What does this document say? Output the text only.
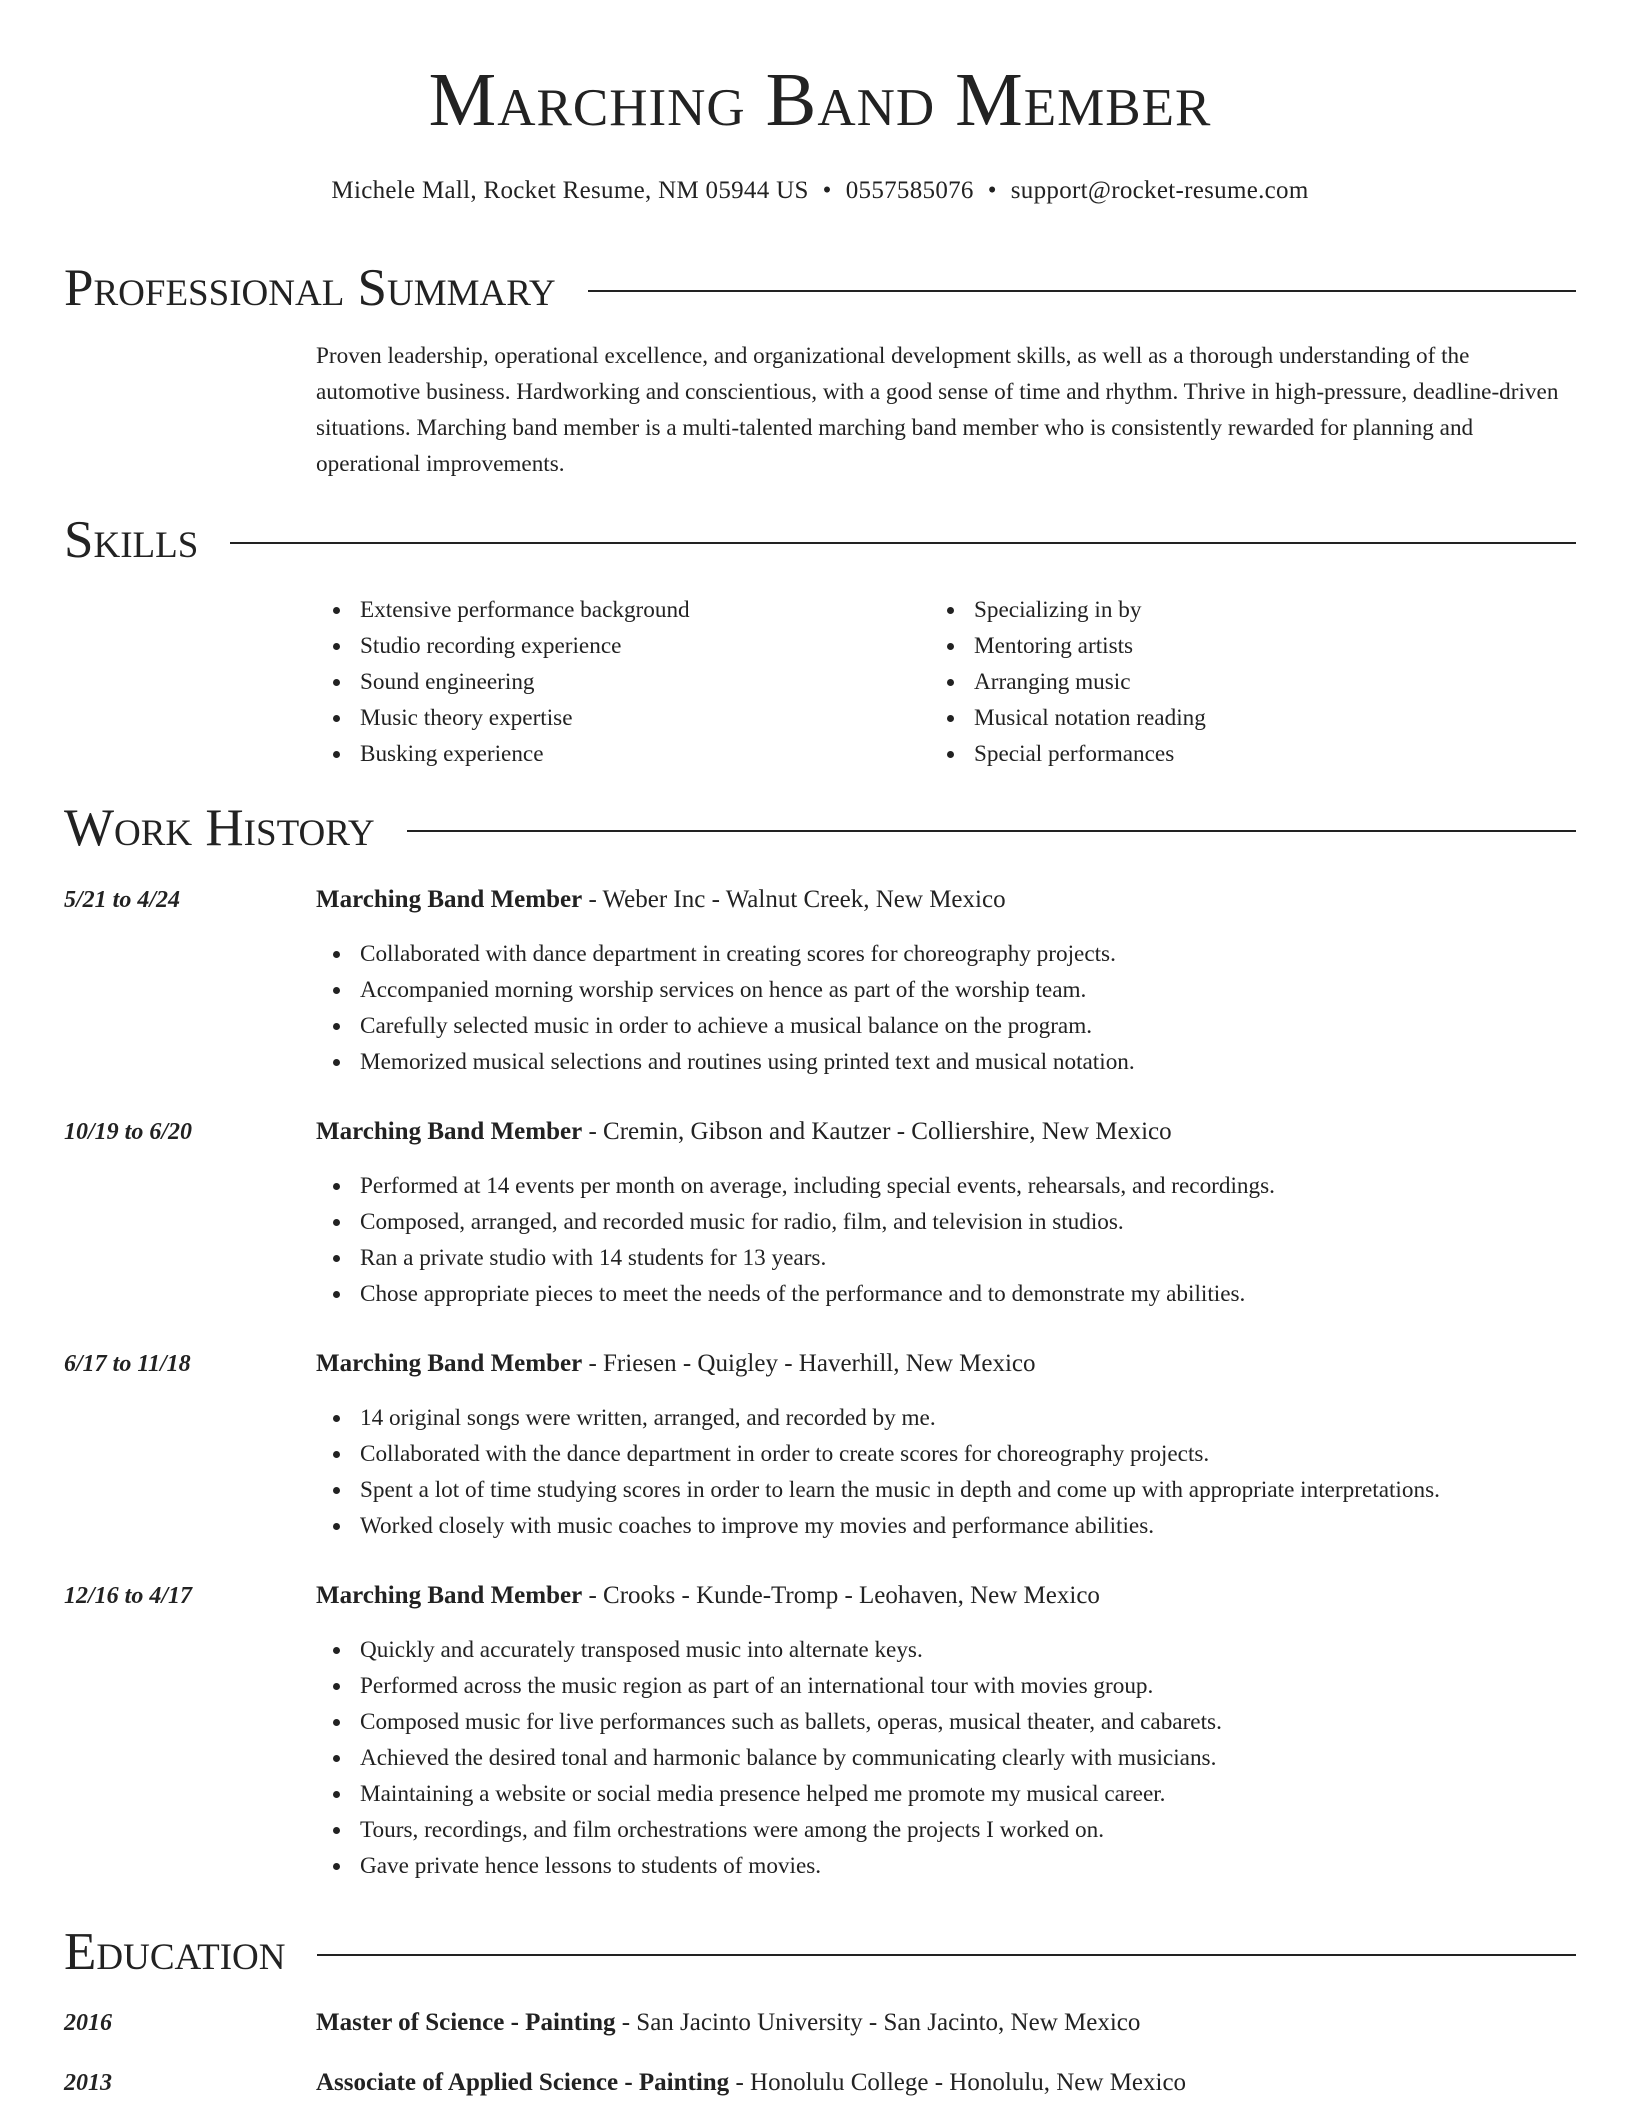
Marching Band Member
Michele Mall, Rocket Resume, NM 05944 US • 0557585076 • support@rocket-resume.com
Professional Summary

Proven leadership, operational excellence, and organizational development skills, as well as a thorough understanding of the automotive business. Hardworking and conscientious, with a good sense of time and rhythm. Thrive in high-pressure, deadline-driven situations. Marching band member is a multi-talented marching band member who is consistently rewarded for planning and operational improvements.

Skills
Extensive performance background
Studio recording experience
Sound engineering
Music theory expertise
Busking experience
Specializing in by
Mentoring artists
Arranging music
Musical notation reading
Special performances
Work History
5/21 to 4/24	Marching Band Member - Weber Inc - Walnut Creek, New Mexico
Collaborated with dance department in creating scores for choreography projects.
Accompanied morning worship services on hence as part of the worship team.
Carefully selected music in order to achieve a musical balance on the program.
Memorized musical selections and routines using printed text and musical notation.
10/19 to 6/20	Marching Band Member - Cremin, Gibson and Kautzer - Colliershire, New Mexico
Performed at 14 events per month on average, including special events, rehearsals, and recordings.
Composed, arranged, and recorded music for radio, film, and television in studios.
Ran a private studio with 14 students for 13 years.
Chose appropriate pieces to meet the needs of the performance and to demonstrate my abilities.
6/17 to 11/18	Marching Band Member - Friesen - Quigley - Haverhill, New Mexico
14 original songs were written, arranged, and recorded by me.
Collaborated with the dance department in order to create scores for choreography projects.
Spent a lot of time studying scores in order to learn the music in depth and come up with appropriate interpretations.
Worked closely with music coaches to improve my movies and performance abilities.
12/16 to 4/17	Marching Band Member - Crooks - Kunde-Tromp - Leohaven, New Mexico
Quickly and accurately transposed music into alternate keys.
Performed across the music region as part of an international tour with movies group.
Composed music for live performances such as ballets, operas, musical theater, and cabarets.
Achieved the desired tonal and harmonic balance by communicating clearly with musicians.
Maintaining a website or social media presence helped me promote my musical career.
Tours, recordings, and film orchestrations were among the projects I worked on.
Gave private hence lessons to students of movies.
Education
2016	Master of Science - Painting - San Jacinto University - San Jacinto, New Mexico
2013	Associate of Applied Science - Painting - Honolulu College - Honolulu, New Mexico
